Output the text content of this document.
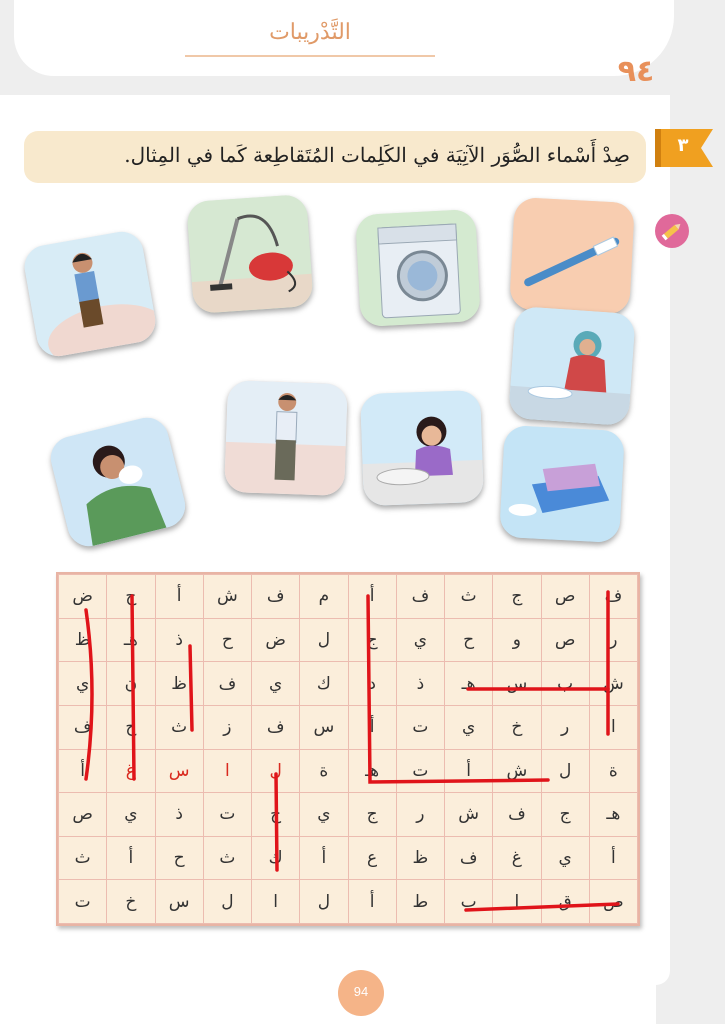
التَّدْريبات
٩٤
٣
صِدْ أَسْماء الصُّوَر الآتِيَة في الكَلِمات المُتَقاطِعة كَما في المِثال.
ض	ج	أ	ش	ف	م	أ	ف	ث	ج	ص	ف
ظ	هـ	ذ	ح	ض	ل	ج	ي	ح	و	ص	ر
ي	ن	ظ	ف	ي	ك	د	ذ	هـ	س	ب	ش
ف	ح	ث	ز	ف	س	أ	ت	ي	خ	ر	ا
أ	غ	س	ا	ل	ة	هـ	ت	أ	ش	ل	ة
ص	ي	ذ	ت	ج	ي	ج	ر	ش	ف	ج	هـ
ث	أ	ح	ث	ك	أ	ع	ظ	ف	غ	ي	أ
ت	خ	س	ل	ا	ل	أ	ط	ب	ا	ق	ص
94
